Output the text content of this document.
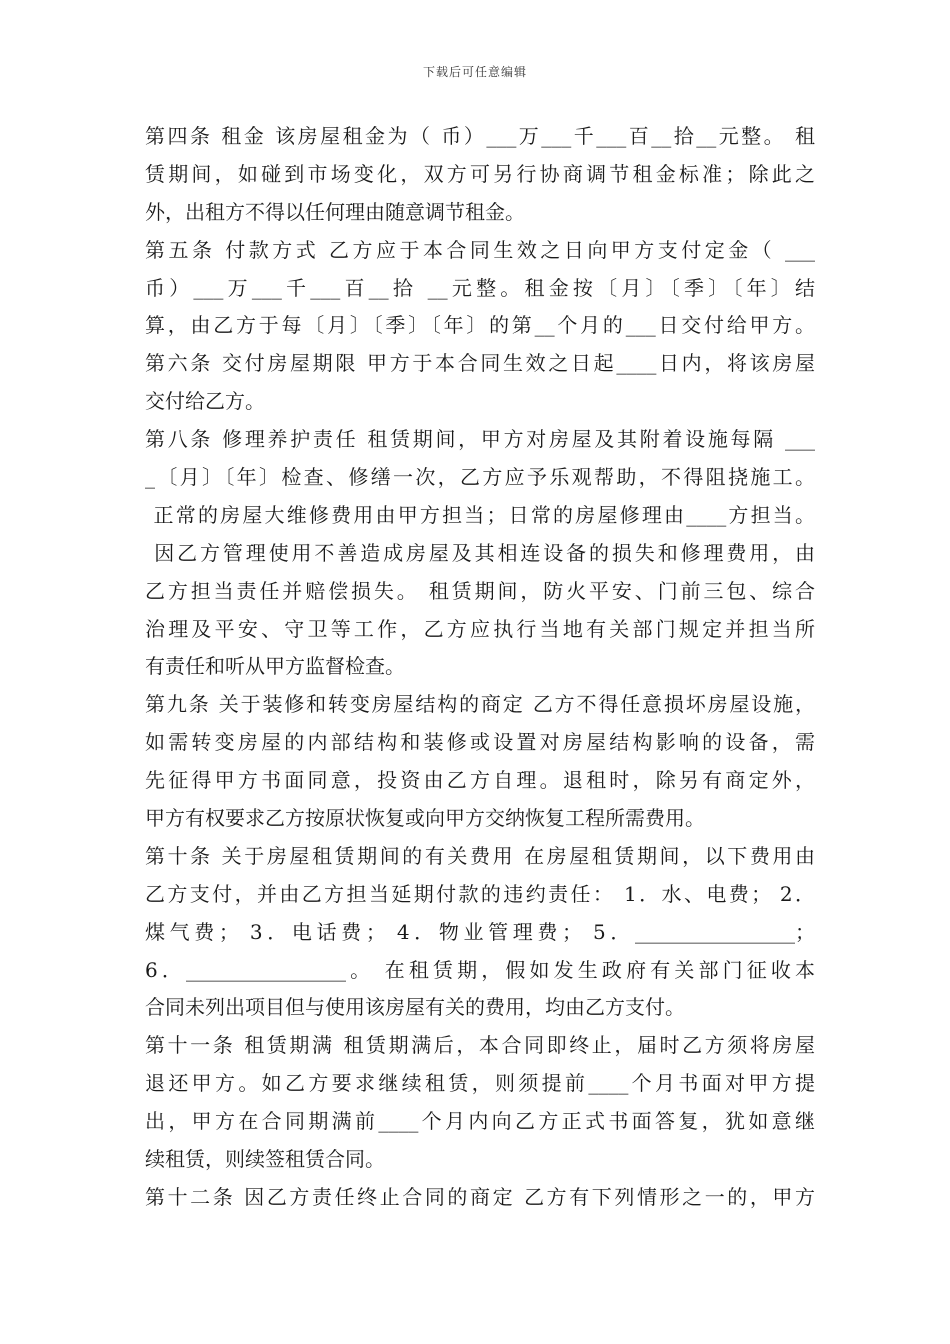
下载后可任意编辑
第四条 租金 该房屋租金为（ 币）___万___千___百__拾__元整。 租
赁期间，如碰到市场变化，双方可另行协商调节租金标准；除此之
外，出租方不得以任何理由随意调节租金。
第五条 付款方式 乙方应于本合同生效之日向甲方支付定金（ ___
币）___万___千___百__拾 __元整。租金按〔月〕〔季〕〔年〕结
算，由乙方于每〔月〕〔季〕〔年〕的第__个月的___日交付给甲方。
第六条 交付房屋期限 甲方于本合同生效之日起____日内，将该房屋
交付给乙方。
第八条 修理养护责任 租赁期间，甲方对房屋及其附着设施每隔 ___
_〔月〕〔年〕检查、修缮一次，乙方应予乐观帮助，不得阻挠施工。
正常的房屋大维修费用由甲方担当；日常的房屋修理由____方担当。
因乙方管理使用不善造成房屋及其相连设备的损失和修理费用，由
乙方担当责任并赔偿损失。 租赁期间，防火平安、门前三包、综合
治理及平安、守卫等工作，乙方应执行当地有关部门规定并担当所
有责任和听从甲方监督检查。
第九条 关于装修和转变房屋结构的商定 乙方不得任意损坏房屋设施，
如需转变房屋的内部结构和装修或设置对房屋结构影响的设备，需
先征得甲方书面同意，投资由乙方自理。退租时，除另有商定外，
甲方有权要求乙方按原状恢复或向甲方交纳恢复工程所需费用。
第十条 关于房屋租赁期间的有关费用 在房屋租赁期间，以下费用由
乙方支付，并由乙方担当延期付款的违约责任： 1．水、电费； 2．
煤气费； 3．电话费； 4．物业管理费； 5．________________；
6．________________。 在租赁期，假如发生政府有关部门征收本
合同未列出项目但与使用该房屋有关的费用，均由乙方支付。
第十一条 租赁期满 租赁期满后，本合同即终止，届时乙方须将房屋
退还甲方。如乙方要求继续租赁，则须提前____个月书面对甲方提
出，甲方在合同期满前____个月内向乙方正式书面答复，犹如意继
续租赁，则续签租赁合同。
第十二条 因乙方责任终止合同的商定 乙方有下列情形之一的，甲方
